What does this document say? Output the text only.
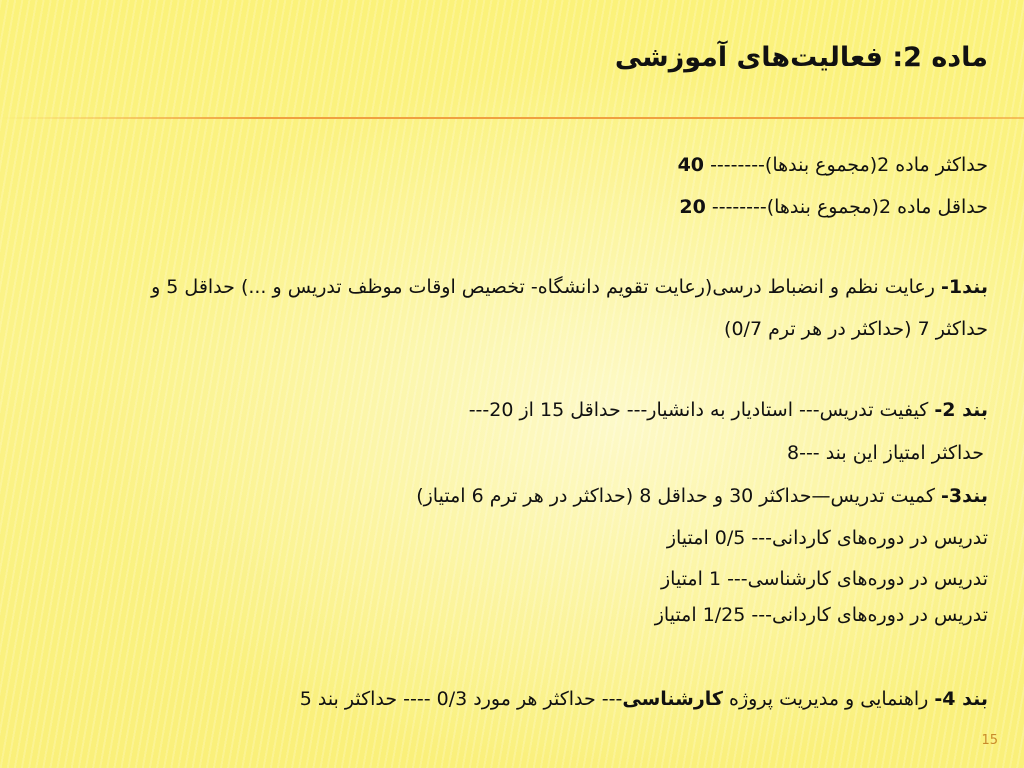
ماده 2: فعالیت‌های آموزشی
حداکثر ماده 2(مجموع بندها)-------- 40
حداقل ماده 2(مجموع بندها)-------- 20
بند1- رعایت نظم و انضباط درسی(رعایت تقویم دانشگاه- تخصیص اوقات موظف تدریس و ...) حداقل 5 و
حداکثر 7 (حداکثر در هر ترم 0/7)
بند 2- کیفیت تدریس--- استادیار به دانشیار--- حداقل 15 از 20---
حداکثر امتیاز این بند ---8
بند3- کمیت تدریس—حداکثر 30 و حداقل 8 (حداکثر در هر ترم 6 امتیاز)
تدریس در دوره‌های کاردانی--- 0/5 امتیاز
تدریس در دوره‌های کارشناسی--- 1 امتیاز
تدریس در دوره‌های کاردانی--- 1/25 امتیاز
بند 4- راهنمایی و مدیریت پروژه کارشناسی--- حداکثر هر مورد 0/3 ---- حداکثر بند 5
15
